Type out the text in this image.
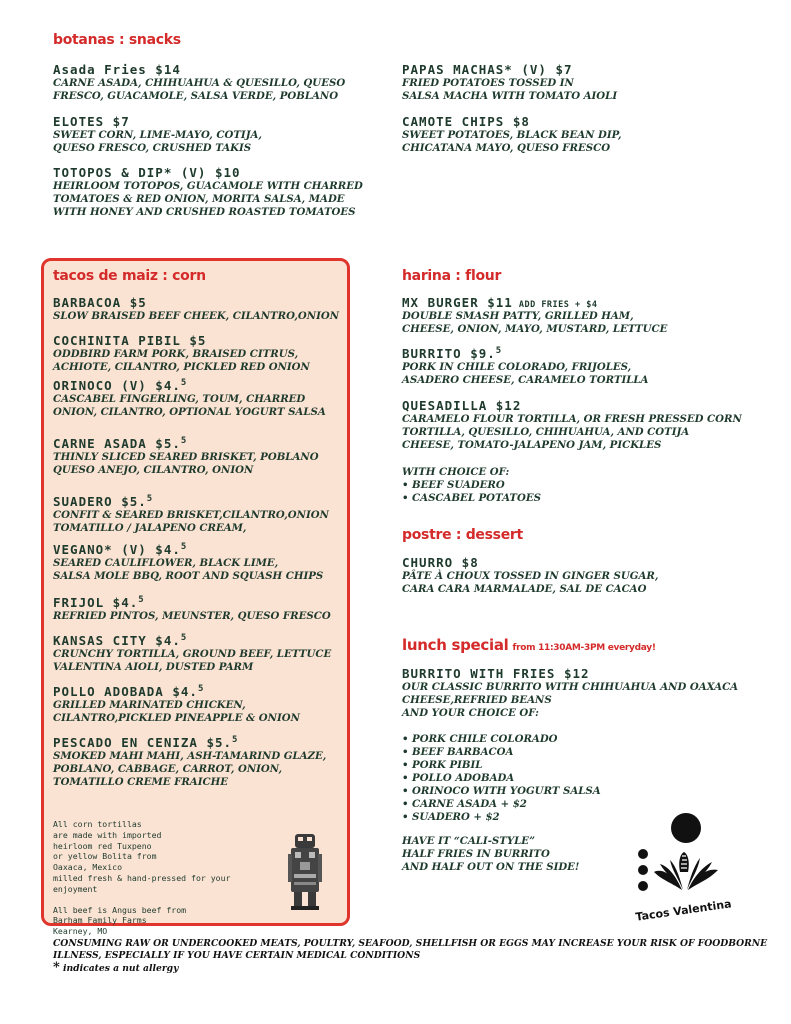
botanas : snacks
Asada Fries $14
CARNE ASADA, CHIHUAHUA & QUESILLO, QUESO
FRESCO, GUACAMOLE, SALSA VERDE, POBLANO
ELOTES $7
SWEET CORN, LIME-MAYO, COTIJA,
QUESO FRESCO, CRUSHED TAKIS
TOTOPOS & DIP* (V) $10
HEIRLOOM TOTOPOS, GUACAMOLE WITH CHARRED
TOMATOES & RED ONION, MORITA SALSA, MADE
WITH HONEY AND CRUSHED ROASTED TOMATOES
PAPAS MACHAS* (V) $7
FRIED POTATOES TOSSED IN
SALSA MACHA WITH TOMATO AIOLI
CAMOTE CHIPS $8
SWEET POTATOES, BLACK BEAN DIP,
CHICATANA MAYO, QUESO FRESCO
tacos de maiz : corn
BARBACOA $5
SLOW BRAISED BEEF CHEEK, CILANTRO,ONION
COCHINITA PIBIL $5
ODDBIRD FARM PORK, BRAISED CITRUS,
ACHIOTE, CILANTRO, PICKLED RED ONION
ORINOCO (V) $4.$^5$
CASCABEL FINGERLING, TOUM, CHARRED
ONION, CILANTRO, OPTIONAL YOGURT SALSA
CARNE ASADA $5.$^5$
THINLY SLICED SEARED BRISKET, POBLANO
QUESO ANEJO, CILANTRO, ONION
SUADERO $5.$^5$
CONFIT & SEARED BRISKET,CILANTRO,ONION
TOMATILLO / JALAPENO CREAM,
VEGANO* (V) $4.$^5$
SEARED CAULIFLOWER, BLACK LIME,
SALSA MOLE BBQ, ROOT AND SQUASH CHIPS
FRIJOL $4.$^5$
REFRIED PINTOS, MEUNSTER, QUESO FRESCO
KANSAS CITY $4.$^5$
CRUNCHY TORTILLA, GROUND BEEF, LETTUCE
VALENTINA AIOLI, DUSTED PARM
POLLO ADOBADA $4.$^5$
GRILLED MARINATED CHICKEN,
CILANTRO,PICKLED PINEAPPLE & ONION
PESCADO EN CENIZA $5.$^5$
SMOKED MAHI MAHI, ASH-TAMARIND GLAZE,
POBLANO, CABBAGE, CARROT, ONION,
TOMATILLO CREME FRAICHE
All corn tortillas
are made with imported
heirloom red Tuxpeno
or yellow Bolita from
Oaxaca, Mexico
milled fresh & hand-pressed for your
enjoyment
All beef is Angus beef from
Barham Family Farms
Kearney, MO
harina : flour
MX BURGER $11 ADD FRIES + $4
DOUBLE SMASH PATTY, GRILLED HAM,
CHEESE, ONION, MAYO, MUSTARD, LETTUCE
BURRITO $9.$^5$
PORK IN CHILE COLORADO, FRIJOLES,
ASADERO CHEESE, CARAMELO TORTILLA
QUESADILLA $12
CARAMELO FLOUR TORTILLA, OR FRESH PRESSED CORN
TORTILLA, QUESILLO, CHIHUAHUA, AND COTIJA
CHEESE, TOMATO-JALAPENO JAM, PICKLES
WITH CHOICE OF:
• BEEF SUADERO
• CASCABEL POTATOES
postre : dessert
CHURRO $8
PÂTE À CHOUX TOSSED IN GINGER SUGAR,
CARA CARA MARMALADE, SAL DE CACAO
lunch special from 11:30AM-3PM everyday!
BURRITO WITH FRIES $12
OUR CLASSIC BURRITO WITH CHIHUAHUA AND OAXACA
CHEESE,REFRIED BEANS
AND YOUR CHOICE OF:
• PORK CHILE COLORADO
• BEEF BARBACOA
• PORK PIBIL
• POLLO ADOBADA
• ORINOCO WITH YOGURT SALSA
• CARNE ASADA + $2
• SUADERO + $2
HAVE IT “CALI-STYLE”
HALF FRIES IN BURRITO
AND HALF OUT ON THE SIDE!
Tacos Valentina
CONSUMING RAW OR UNDERCOOKED MEATS, POULTRY, SEAFOOD, SHELLFISH OR EGGS MAY INCREASE YOUR RISK OF FOODBORNE
ILLNESS, ESPECIALLY IF YOU HAVE CERTAIN MEDICAL CONDITIONS
* indicates a nut allergy
